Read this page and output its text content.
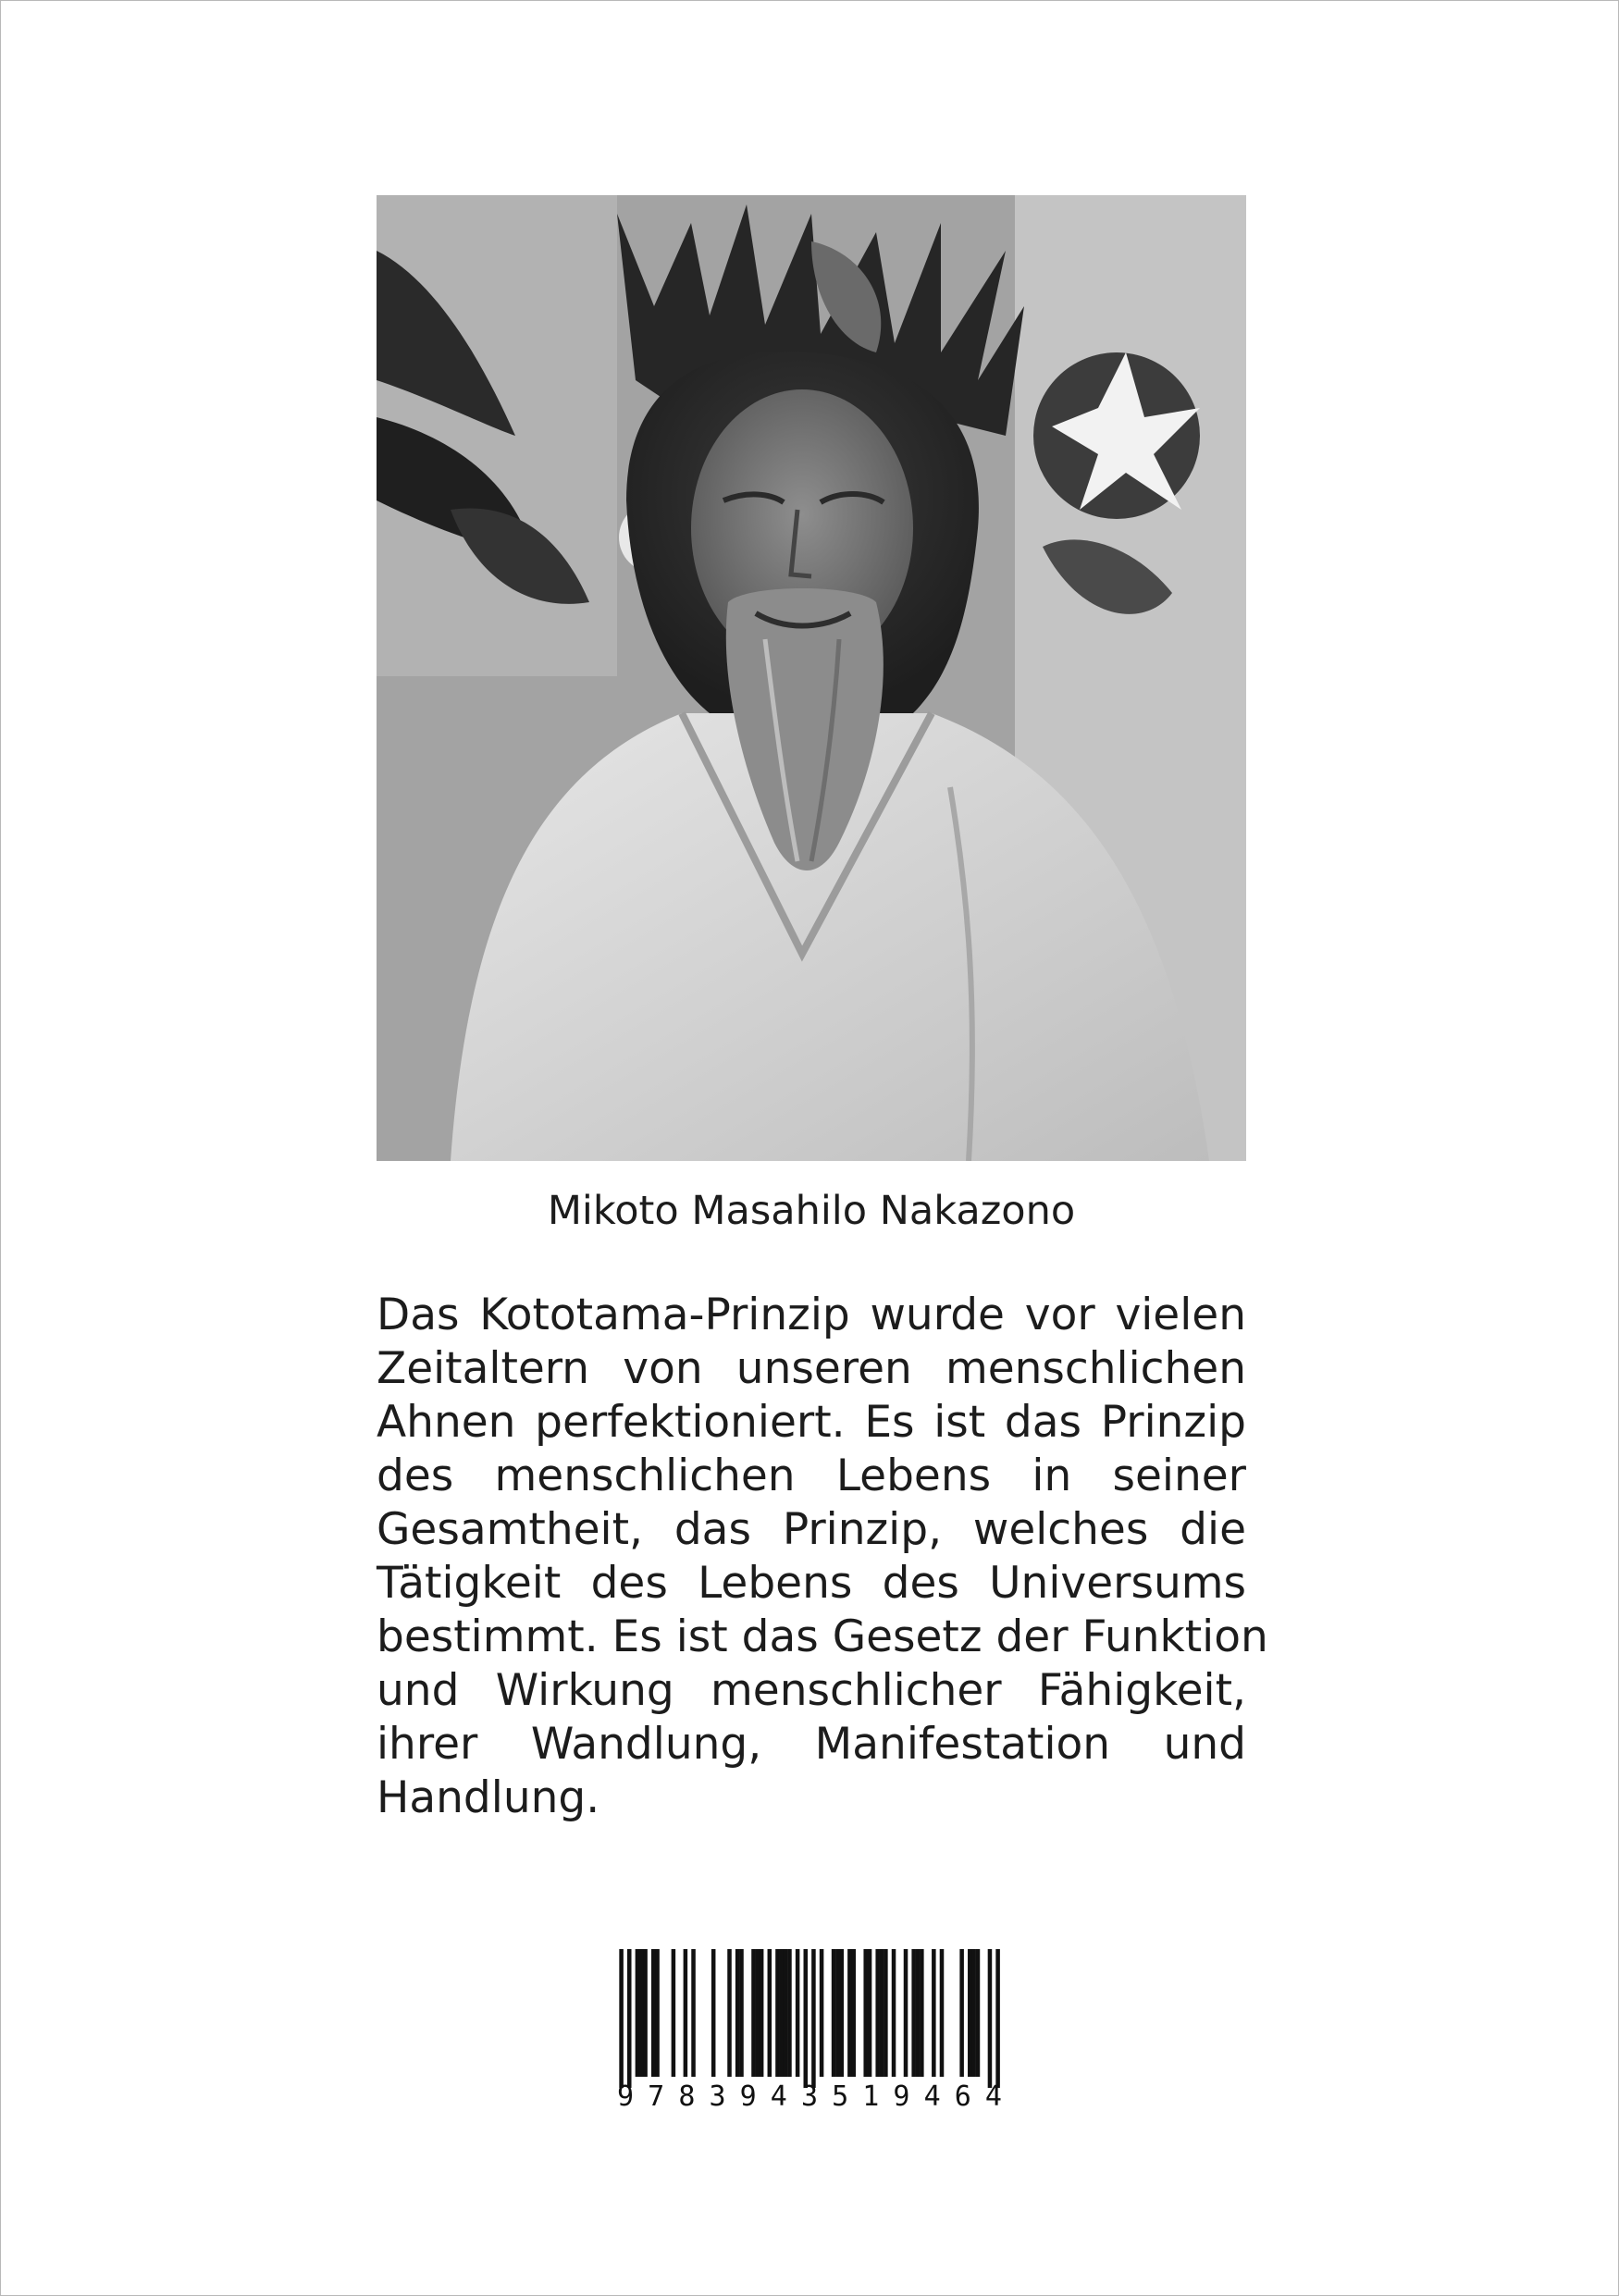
Mikoto Masahilo Nakazono
Das Kototama-Prinzip wurde vor vielen
Zeitaltern von unseren menschlichen
Ahnen perfektioniert. Es ist das Prinzip
des menschlichen Lebens in seiner
Gesamtheit, das Prinzip, welches die
Tätigkeit des Lebens des Universums
bestimmt. Es ist das Gesetz der Funktion
und Wirkung menschlicher Fähigkeit,
ihrer Wandlung, Manifestation und
Handlung.
9 7 8 3 9 4 3 5 1 9 4 6 4
